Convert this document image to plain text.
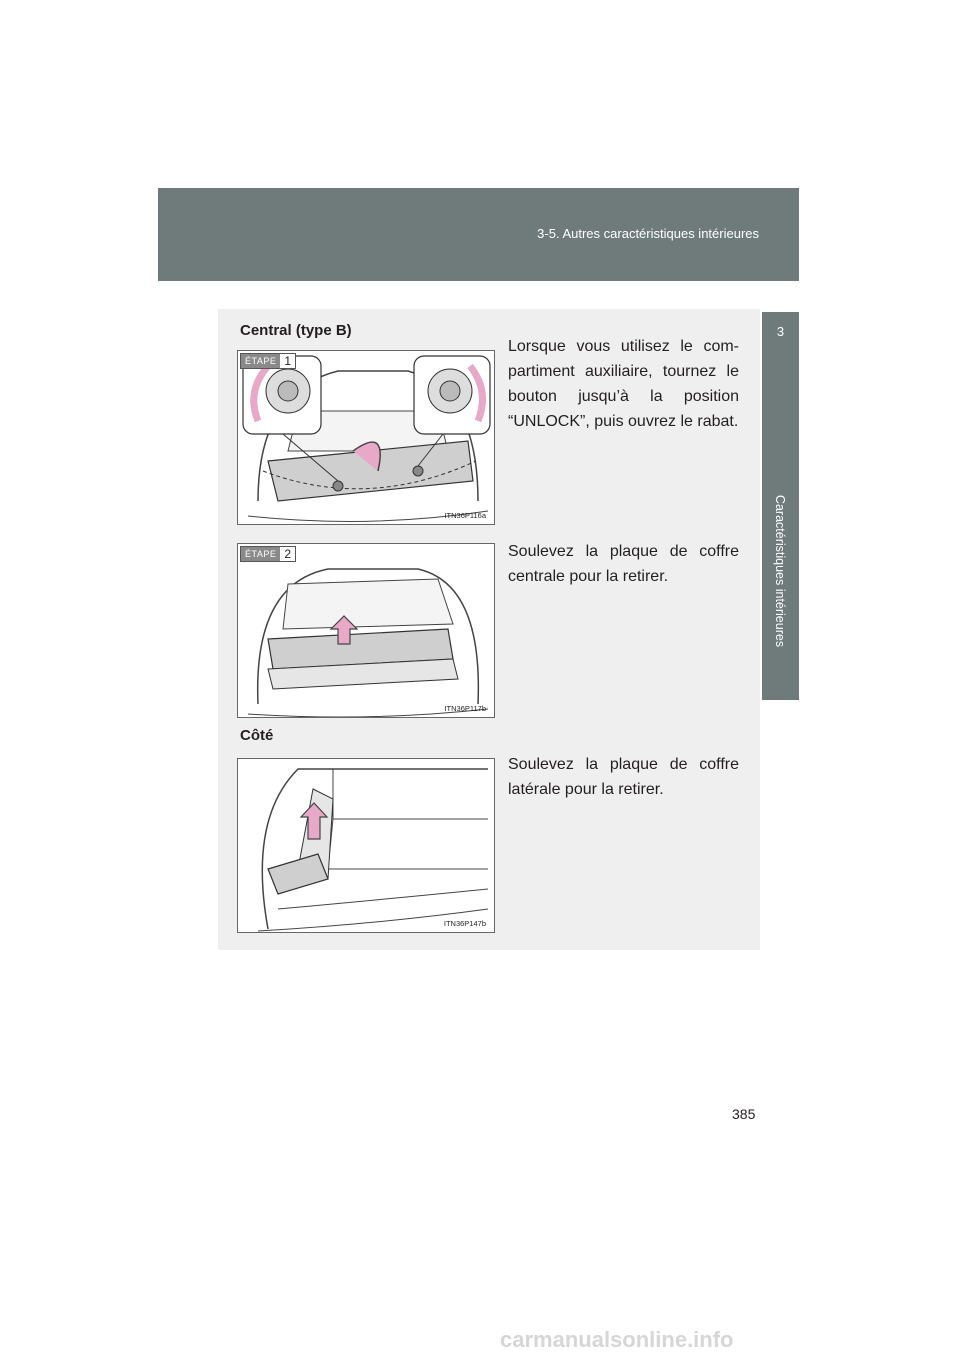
3-5. Autres caractéristiques intérieures
3
Caractéristiques intérieures
Central (type B)
ÉTAPE 1
ITN36P116a
Lorsque vous utilisez le com-partiment auxiliaire, tournez le bouton jusqu’à la position “UNLOCK”, puis ouvrez le rabat.
ÉTAPE 2
ITN36P117b
Soulevez la plaque de coffre centrale pour la retirer.
Côté
ITN36P147b
Soulevez la plaque de coffre latérale pour la retirer.
385
carmanualsonline.info
